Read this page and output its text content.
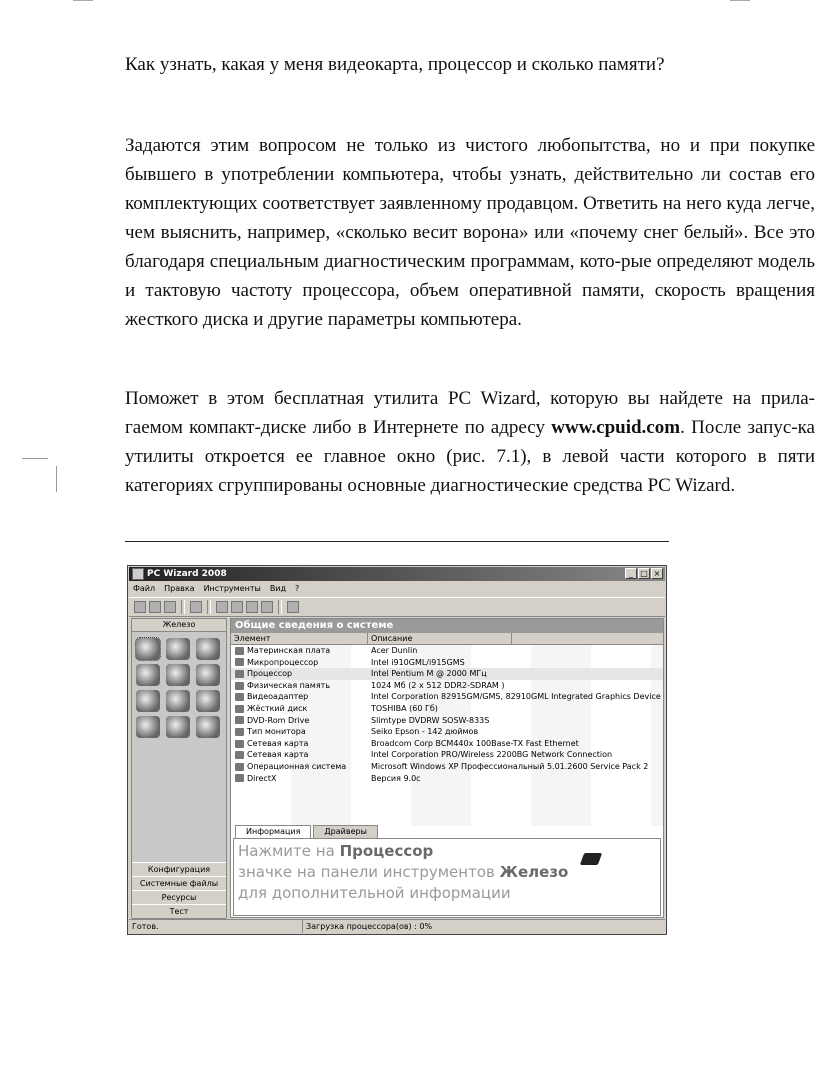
Как узнать, какая у меня видеокарта, процессор и сколько памяти?

Задаются этим вопросом не только из чистого любопытства, но и при покупке бывшего в употреблении компьютера, чтобы узнать, действительно ли состав его комплектующих соответствует заявленному продавцом. Ответить на него куда легче, чем выяснить, например, «сколько весит ворона» или «почему снег белый». Все это благодаря специальным диагностическим программам, кото-рые определяют модель и тактовую частоту процессора, объем оперативной памяти, скорость вращения жесткого диска и другие параметры компьютера.

Поможет в этом бесплатная утилита PC Wizard, которую вы найдете на прила-гаемом компакт-диске либо в Интернете по адресу www.cpuid.com. После запус-ка утилиты откроется ее главное окно (рис. 7.1), в левой части которого в пяти категориях сгруппированы основные диагностические средства PC Wizard.

PC Wizard 2008	_ □ ×
Файл Правка Инструменты Вид ?
Железо
Конфигурация
Системные файлы
Ресурсы
Тест
Общие сведения о системе
Элемент	Описание
Материнская плата	Acer Dunlin
Микропроцессор	Intel i910GML/i915GMS
Процессор	Intel Pentium M @ 2000 МГц
Физическая память	1024 Мб (2 x 512 DDR2-SDRAM )
Видеоадаптер	Intel Corporation 82915GM/GMS, 82910GML Integrated Graphics Device
Жёсткий диск	TOSHIBA (60 Гб)
DVD-Rom Drive	Slimtype DVDRW SOSW-833S
Тип монитора	Seiko Epson - 142 дюймов
Сетевая карта	Broadcom Corp BCM440x 100Base-TX Fast Ethernet
Сетевая карта	Intel Corporation PRO/Wireless 2200BG Network Connection
Операционная система	Microsoft Windows XP Профессиональный 5.01.2600 Service Pack 2
DirectX	Версия 9.0c
Информация	Драйверы
Нажмите на Процессор
значке на панели инструментов Железо
для дополнительной информации
Готов.	Загрузка процессора(ов) : 0%
